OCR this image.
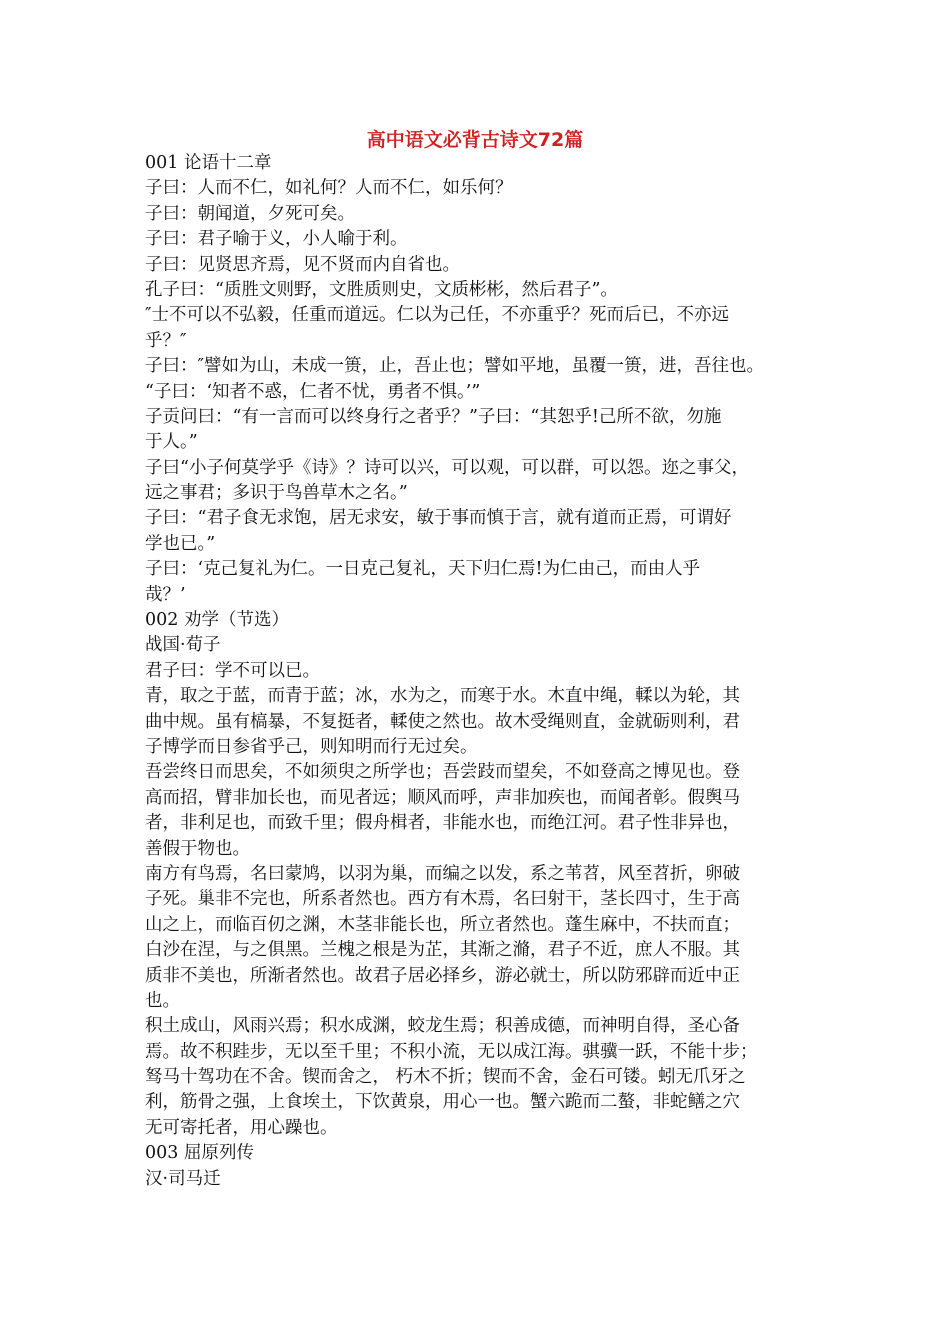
高中语文必背古诗文72篇
001 论语十二章
子曰：人而不仁，如礼何？人而不仁，如乐何？
子曰：朝闻道，夕死可矣。
子曰：君子喻于义，小人喻于利。
子曰：见贤思齐焉，见不贤而内自省也。
孔子曰：“质胜文则野，文胜质则史，文质彬彬，然后君子”。
″士不可以不弘毅，任重而道远。仁以为己任，不亦重乎？死而后已，不亦远
乎？″
子曰：″譬如为山，未成一篑，止，吾止也；譬如平地，虽覆一篑，进，吾往也。
“子曰：‘知者不惑，仁者不忧，勇者不惧。’”
子贡问曰：“有一言而可以终身行之者乎？”子曰：“其恕乎!己所不欲，勿施
于人。”
子曰“小子何莫学乎《诗》？诗可以兴，可以观，可以群，可以怨。迩之事父，
远之事君；多识于鸟兽草木之名。”
子曰：“君子食无求饱，居无求安，敏于事而慎于言，就有道而正焉，可谓好
学也已。”
子曰：‘克己复礼为仁。一日克己复礼，天下归仁焉!为仁由己，而由人乎
哉？’
002 劝学（节选）
战国·荀子
君子曰：学不可以已。
青，取之于蓝，而青于蓝；冰，水为之，而寒于水。木直中绳，輮以为轮，其
曲中规。虽有槁暴，不复挺者，輮使之然也。故木受绳则直，金就砺则利，君
子博学而日参省乎己，则知明而行无过矣。
吾尝终日而思矣，不如须臾之所学也；吾尝跂而望矣，不如登高之博见也。登
高而招，臂非加长也，而见者远；顺风而呼，声非加疾也，而闻者彰。假舆马
者，非利足也，而致千里；假舟楫者，非能水也，而绝江河。君子性非异也，
善假于物也。
南方有鸟焉，名曰蒙鸠，以羽为巢，而编之以发，系之苇苕，风至苕折，卵破
子死。巢非不完也，所系者然也。西方有木焉，名曰射干，茎长四寸，生于高
山之上，而临百仞之渊，木茎非能长也，所立者然也。蓬生麻中，不扶而直；
白沙在涅，与之俱黑。兰槐之根是为芷，其渐之滫，君子不近，庶人不服。其
质非不美也，所渐者然也。故君子居必择乡，游必就士，所以防邪辟而近中正
也。
积土成山，风雨兴焉；积水成渊，蛟龙生焉；积善成德，而神明自得，圣心备
焉。故不积跬步，无以至千里；不积小流，无以成江海。骐骥一跃，不能十步；
驽马十驾功在不舍。锲而舍之， 朽木不折；锲而不舍，金石可镂。蚓无爪牙之
利，筋骨之强，上食埃土，下饮黄泉，用心一也。蟹六跪而二螯，非蛇鳝之穴
无可寄托者，用心躁也。
003 屈原列传
汉·司马迁
